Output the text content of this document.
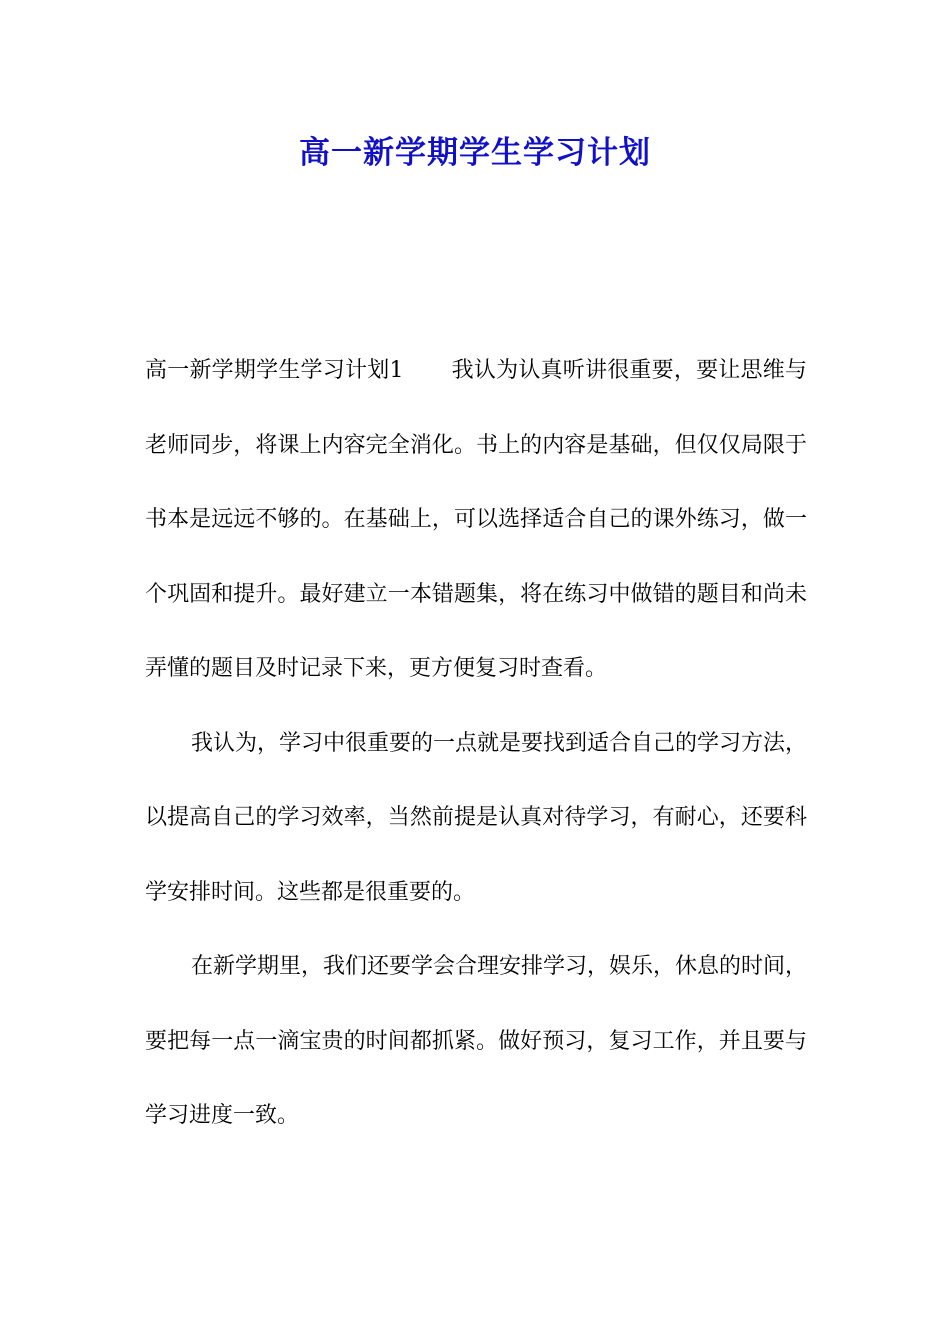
高一新学期学生学习计划

高一新学期学生学习计划1 我认为认真听讲很重要，要让思维与老师同步，将课上内容完全消化。书上的内容是基础，但仅仅局限于书本是远远不够的。在基础上，可以选择适合自己的课外练习，做一个巩固和提升。最好建立一本错题集，将在练习中做错的题目和尚未弄懂的题目及时记录下来，更方便复习时查看。

我认为，学习中很重要的一点就是要找到适合自己的学习方法，以提高自己的学习效率，当然前提是认真对待学习，有耐心，还要科学安排时间。这些都是很重要的。

在新学期里，我们还要学会合理安排学习，娱乐，休息的时间，要把每一点一滴宝贵的时间都抓紧。做好预习，复习工作，并且要与学习进度一致。
